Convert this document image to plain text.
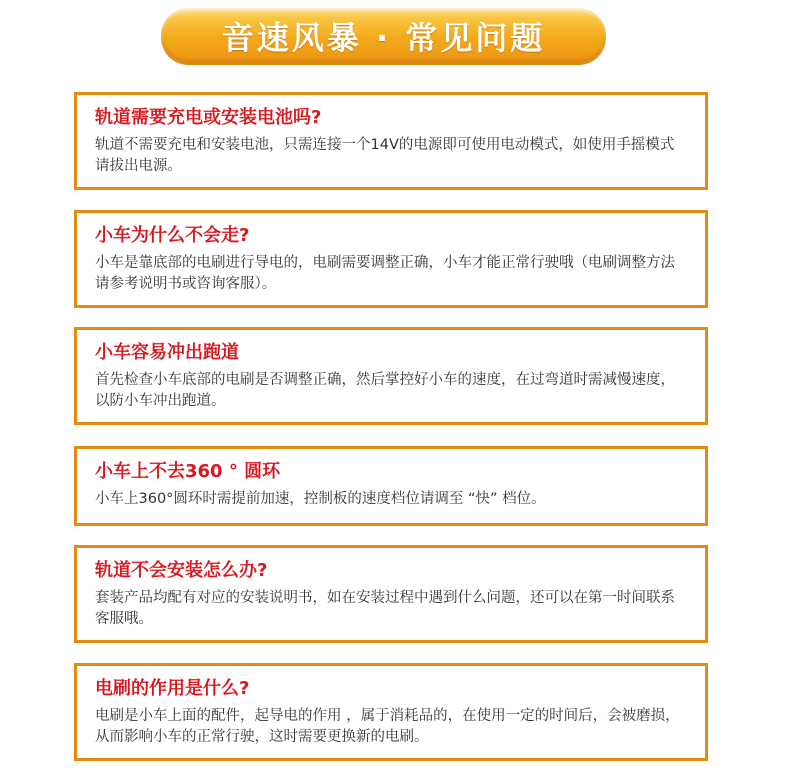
音速风暴 · 常见问题
轨道需要充电或安装电池吗?
轨道不需要充电和安装电池，只需连接一个14V的电源即可使用电动模式，如使用手摇模式请拔出电源。
小车为什么不会走?
小车是靠底部的电刷进行导电的，电刷需要调整正确，小车才能正常行驶哦（电刷调整方法请参考说明书或咨询客服）。
小车容易冲出跑道
首先检查小车底部的电刷是否调整正确，然后掌控好小车的速度，在过弯道时需减慢速度，以防小车冲出跑道。
小车上不去360 ° 圆环
小车上360°圆环时需提前加速，控制板的速度档位请调至 “快” 档位。
轨道不会安装怎么办?
套装产品均配有对应的安装说明书，如在安装过程中遇到什么问题，还可以在第一时间联系客服哦。
电刷的作用是什么?
电刷是小车上面的配件，起导电的作用 ，属于消耗品的，在使用一定的时间后，会被磨损，从而影响小车的正常行驶，这时需要更换新的电刷。
